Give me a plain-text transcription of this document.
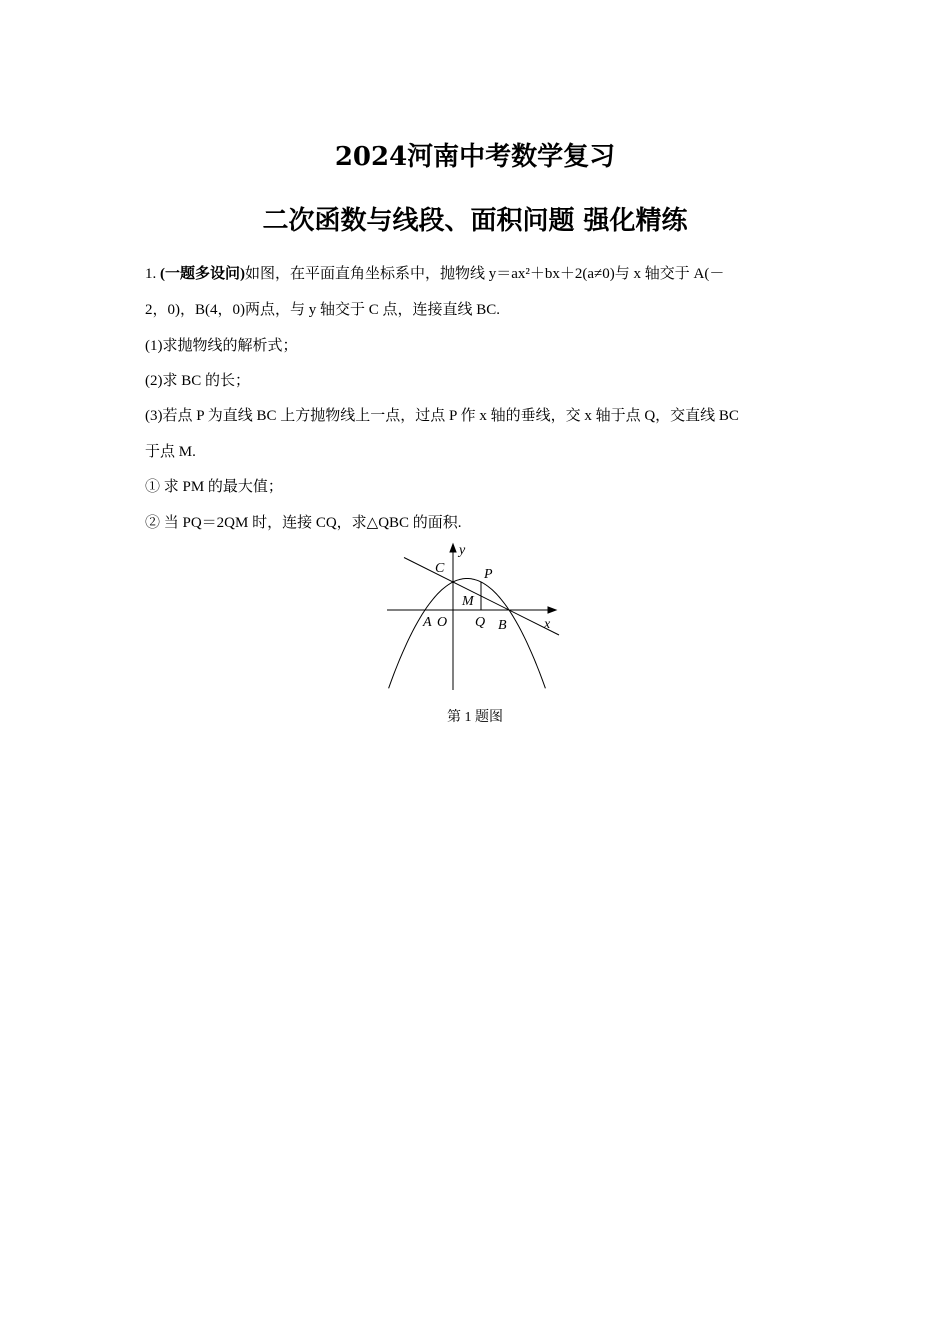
2024河南中考数学复习
二次函数与线段、面积问题 强化精练
1. (一题多设问)如图，在平面直角坐标系中，抛物线 y＝ax²＋bx＋2(a≠0)与 x 轴交于 A(－
2，0)，B(4，0)两点，与 y 轴交于 C 点，连接直线 BC.
(1)求抛物线的解析式；
(2)求 BC 的长；
(3)若点 P 为直线 BC 上方抛物线上一点，过点 P 作 x 轴的垂线，交 x 轴于点 Q，交直线 BC
于点 M.
① 求 PM 的最大值；
② 当 PQ＝2QM 时，连接 CQ，求△QBC 的面积.
y
x
C	P
M
A O Q B
第 1 题图
